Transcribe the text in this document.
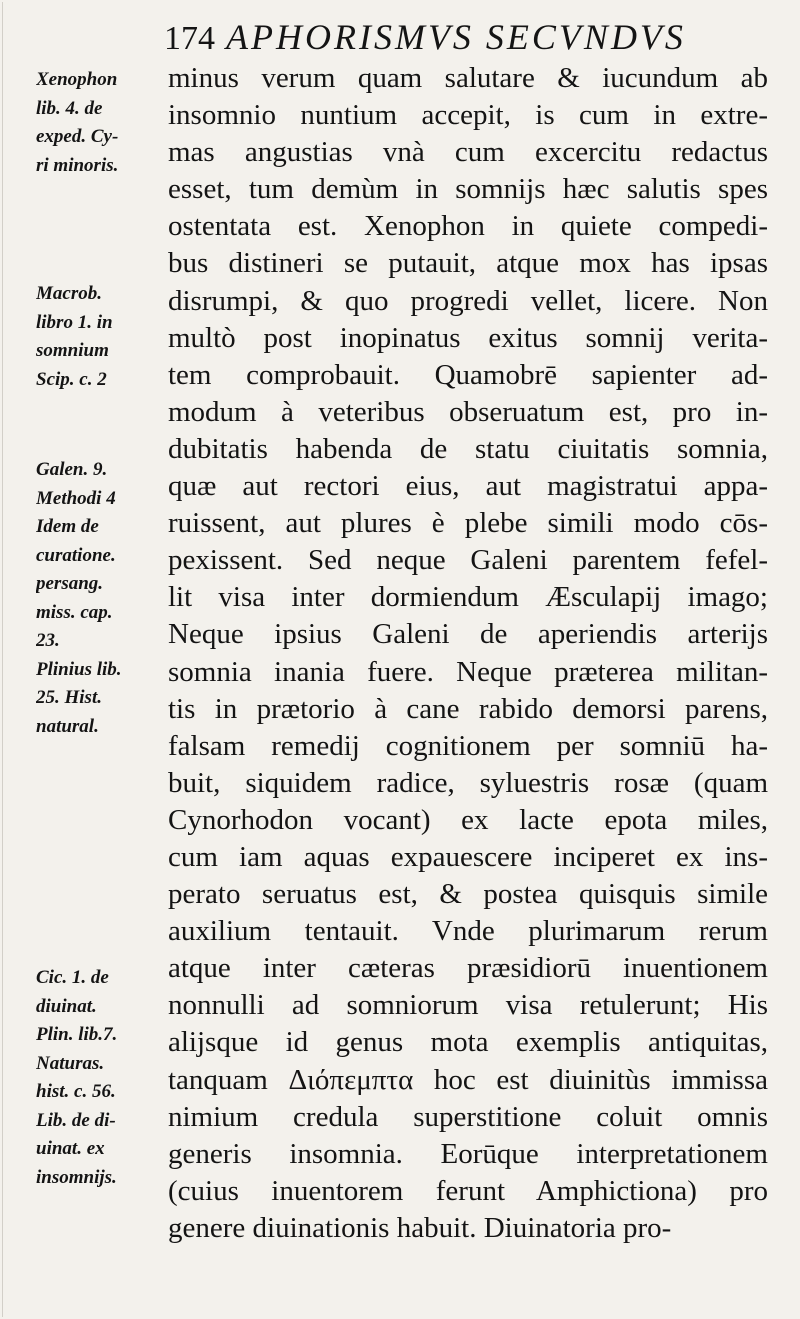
174 APHORISMVS SECVNDVS
Xenophon
lib. 4. de
exped. Cy-
ri minoris.
Macrob.
libro 1. in
somnium
Scip. c. 2
Galen. 9.
Methodi 4
Idem de
curatione.
persang.
miss. cap.
23.
Plinius lib.
25. Hist.
natural.
Cic. 1. de
diuinat.
Plin. lib.7.
Naturas.
hist. c. 56.
Lib. de di-
uinat. ex
insomnijs.
minus verum quam salutare & iucundum ab
insomnio nuntium accepit, is cum in extre-
mas angustias vnà cum excercitu redactus
esset, tum demùm in somnijs hæc salutis spes
ostentata est. Xenophon in quiete compedi-
bus distineri se putauit, atque mox has ipsas
disrumpi, & quo progredi vellet, licere. Non
multò post inopinatus exitus somnij verita-
tem comprobauit. Quamobrē sapienter ad-
modum à veteribus obseruatum est, pro in-
dubitatis habenda de statu ciuitatis somnia,
quæ aut rectori eius, aut magistratui appa-
ruissent, aut plures è plebe simili modo cōs-
pexissent. Sed neque Galeni parentem fefel-
lit visa inter dormiendum Æsculapij imago;
Neque ipsius Galeni de aperiendis arterijs
somnia inania fuere. Neque præterea militan-
tis in prætorio à cane rabido demorsi parens,
falsam remedij cognitionem per somniū ha-
buit, siquidem radice, syluestris rosæ (quam
Cynorhodon vocant) ex lacte epota miles,
cum iam aquas expauescere inciperet ex ins-
perato seruatus est, & postea quisquis simile
auxilium tentauit. Vnde plurimarum rerum
atque inter cæteras præsidiorū inuentionem
nonnulli ad somniorum visa retulerunt; His
alijsque id genus mota exemplis antiquitas,
tanquam Διόπεμπτα hoc est diuinitùs immissa
nimium credula superstitione coluit omnis
generis insomnia. Eorūque interpretationem
(cuius inuentorem ferunt Amphictiona) pro
genere diuinationis habuit. Diuinatoria pro-
